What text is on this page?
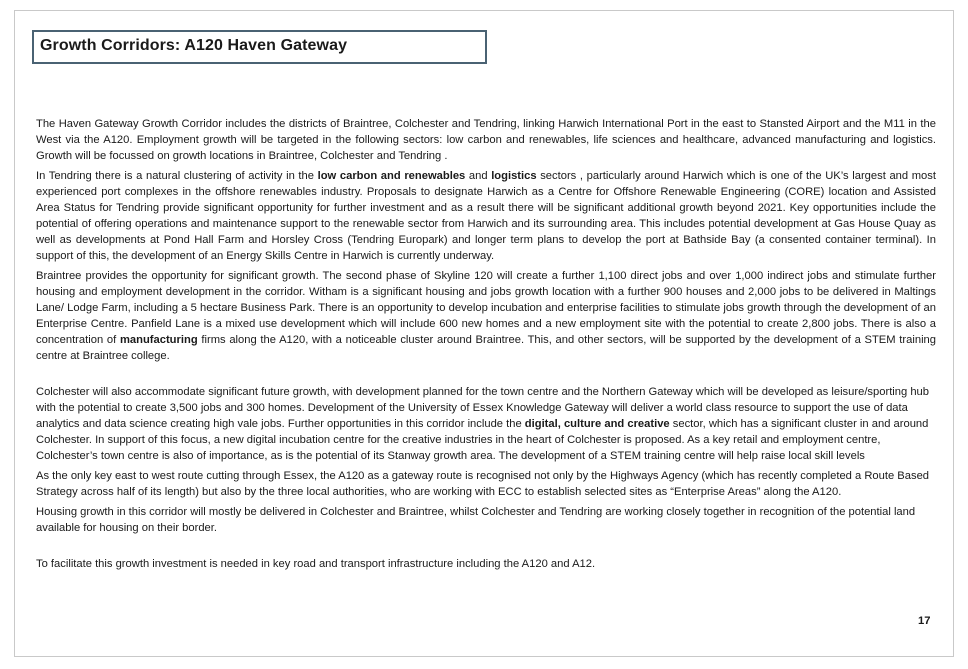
Growth Corridors: A120 Haven Gateway

The Haven Gateway Growth Corridor includes the districts of Braintree, Colchester and Tendring, linking Harwich International Port in the east to Stansted Airport and the M11 in the West via the A120. Employment growth will be targeted in the following sectors: low carbon and renewables, life sciences and healthcare, advanced manufacturing and logistics. Growth will be focussed on growth locations in Braintree, Colchester and Tendring .

In Tendring there is a natural clustering of activity in the low carbon and renewables and logistics sectors , particularly around Harwich which is one of the UK’s largest and most experienced port complexes in the offshore renewables industry. Proposals to designate Harwich as a Centre for Offshore Renewable Engineering (CORE) location and Assisted Area Status for Tendring provide significant opportunity for further investment and as a result there will be significant additional growth beyond 2021. Key opportunities include the potential of offering operations and maintenance support to the renewable sector from Harwich and its surrounding area. This includes potential development at Gas House Quay as well as developments at Pond Hall Farm and Horsley Cross (Tendring Europark) and longer term plans to develop the port at Bathside Bay (a consented container terminal). In support of this, the development of an Energy Skills Centre in Harwich is currently underway.

Braintree provides the opportunity for significant growth. The second phase of Skyline 120 will create a further 1,100 direct jobs and over 1,000 indirect jobs and stimulate further housing and employment development in the corridor. Witham is a significant housing and jobs growth location with a further 900 houses and 2,000 jobs to be delivered in Maltings Lane/ Lodge Farm, including a 5 hectare Business Park. There is an opportunity to develop incubation and enterprise facilities to stimulate jobs growth through the development of an Enterprise Centre. Panfield Lane is a mixed use development which will include 600 new homes and a new employment site with the potential to create 2,800 jobs. There is also a concentration of manufacturing firms along the A120, with a noticeable cluster around Braintree. This, and other sectors, will be supported by the development of a STEM training centre at Braintree college.

Colchester will also accommodate significant future growth, with development planned for the town centre and the Northern Gateway which will be developed as leisure/sporting hub with the potential to create 3,500 jobs and 300 homes. Development of the University of Essex Knowledge Gateway will deliver a world class resource to support the use of data analytics and data science creating high vale jobs. Further opportunities in this corridor include the digital, culture and creative sector, which has a significant cluster in and around Colchester. In support of this focus, a new digital incubation centre for the creative industries in the heart of Colchester is proposed. As a key retail and employment centre, Colchester’s town centre is also of importance, as is the potential of its Stanway growth area. The development of a STEM training centre will help raise local skill levels

As the only key east to west route cutting through Essex, the A120 as a gateway route is recognised not only by the Highways Agency (which has recently completed a Route Based Strategy across half of its length) but also by the three local authorities, who are working with ECC to establish selected sites as “Enterprise Areas” along the A120.

Housing growth in this corridor will mostly be delivered in Colchester and Braintree, whilst Colchester and Tendring are working closely together in recognition of the potential land available for housing on their border.

To facilitate this growth investment is needed in key road and transport infrastructure including the A120 and A12.

17
